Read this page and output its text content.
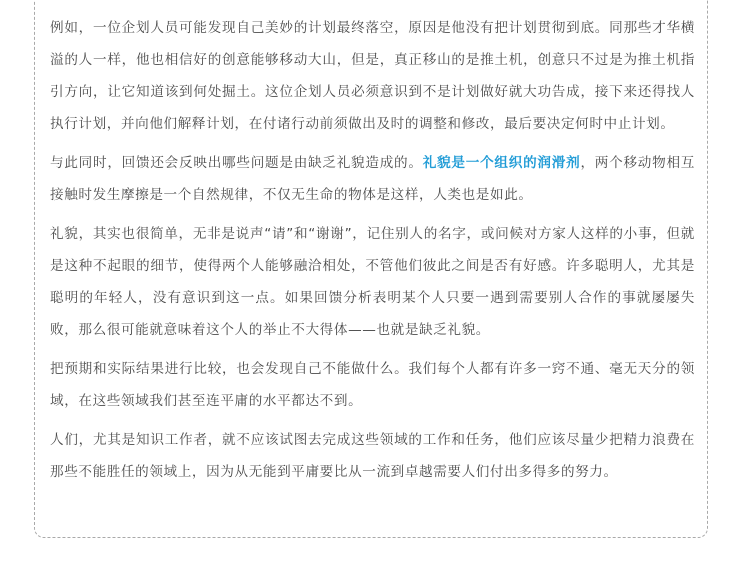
例如，一位企划人员可能发现自己美妙的计划最终落空，原因是他没有把计划贯彻到底。同那些才华横溢的人一样，他也相信好的创意能够移动大山，但是，真正移山的是推土机，创意只不过是为推土机指引方向，让它知道该到何处掘土。这位企划人员必须意识到不是计划做好就大功告成，接下来还得找人执行计划，并向他们解释计划，在付诸行动前须做出及时的调整和修改，最后要决定何时中止计划。

与此同时，回馈还会反映出哪些问题是由缺乏礼貌造成的。礼貌是一个组织的润滑剂，两个移动物相互接触时发生摩擦是一个自然规律，不仅无生命的物体是这样，人类也是如此。

礼貌，其实也很简单，无非是说声“请”和“谢谢”，记住别人的名字，或问候对方家人这样的小事，但就是这种不起眼的细节，使得两个人能够融洽相处，不管他们彼此之间是否有好感。许多聪明人，尤其是聪明的年轻人，没有意识到这一点。如果回馈分析表明某个人只要一遇到需要别人合作的事就屡屡失败，那么很可能就意味着这个人的举止不大得体——也就是缺乏礼貌。

把预期和实际结果进行比较，也会发现自己不能做什么。我们每个人都有许多一窍不通、毫无天分的领域，在这些领域我们甚至连平庸的水平都达不到。

人们，尤其是知识工作者，就不应该试图去完成这些领域的工作和任务，他们应该尽量少把精力浪费在那些不能胜任的领域上，因为从无能到平庸要比从一流到卓越需要人们付出多得多的努力。
